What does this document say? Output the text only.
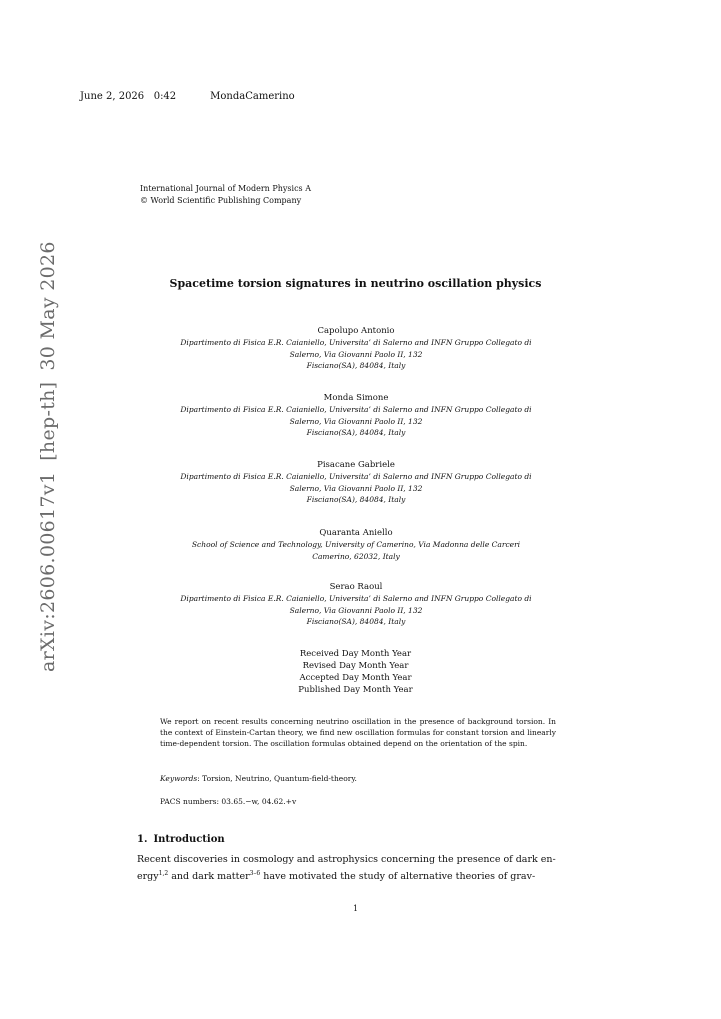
June 2, 2026 0:42	MondaCamerino
International Journal of Modern Physics A
© World Scientific Publishing Company
Spacetime torsion signatures in neutrino oscillation physics
Capolupo Antonio
Dipartimento di Fisica E.R. Caianiello, Universita’ di Salerno and INFN Gruppo Collegato di
Salerno, Via Giovanni Paolo II, 132
Fisciano(SA), 84084, Italy
Monda Simone
Dipartimento di Fisica E.R. Caianiello, Universita’ di Salerno and INFN Gruppo Collegato di
Salerno, Via Giovanni Paolo II, 132
Fisciano(SA), 84084, Italy
Pisacane Gabriele
Dipartimento di Fisica E.R. Caianiello, Universita’ di Salerno and INFN Gruppo Collegato di
Salerno, Via Giovanni Paolo II, 132
Fisciano(SA), 84084, Italy
Quaranta Aniello
School of Science and Technology, University of Camerino, Via Madonna delle Carceri
Camerino, 62032, Italy
Serao Raoul
Dipartimento di Fisica E.R. Caianiello, Universita’ di Salerno and INFN Gruppo Collegato di
Salerno, Via Giovanni Paolo II, 132
Fisciano(SA), 84084, Italy
Received Day Month Year
Revised Day Month Year
Accepted Day Month Year
Published Day Month Year
We report on recent results concerning neutrino oscillation in the presence of background torsion. In the context of Einstein-Cartan theory, we find new oscillation formulas for constant torsion and linearly time-dependent torsion. The oscillation formulas obtained depend on the orientation of the spin.
Keywords: Torsion, Neutrino, Quantum-field-theory.
PACS numbers: 03.65.−w, 04.62.+v
1. Introduction
Recent discoveries in cosmology and astrophysics concerning the presence of dark en-
ergy$^{1,2}$ and dark matter$^{3-6}$ have motivated the study of alternative theories of grav-
1
arXiv:2606.00617v1[hep-th]30 May 2026
